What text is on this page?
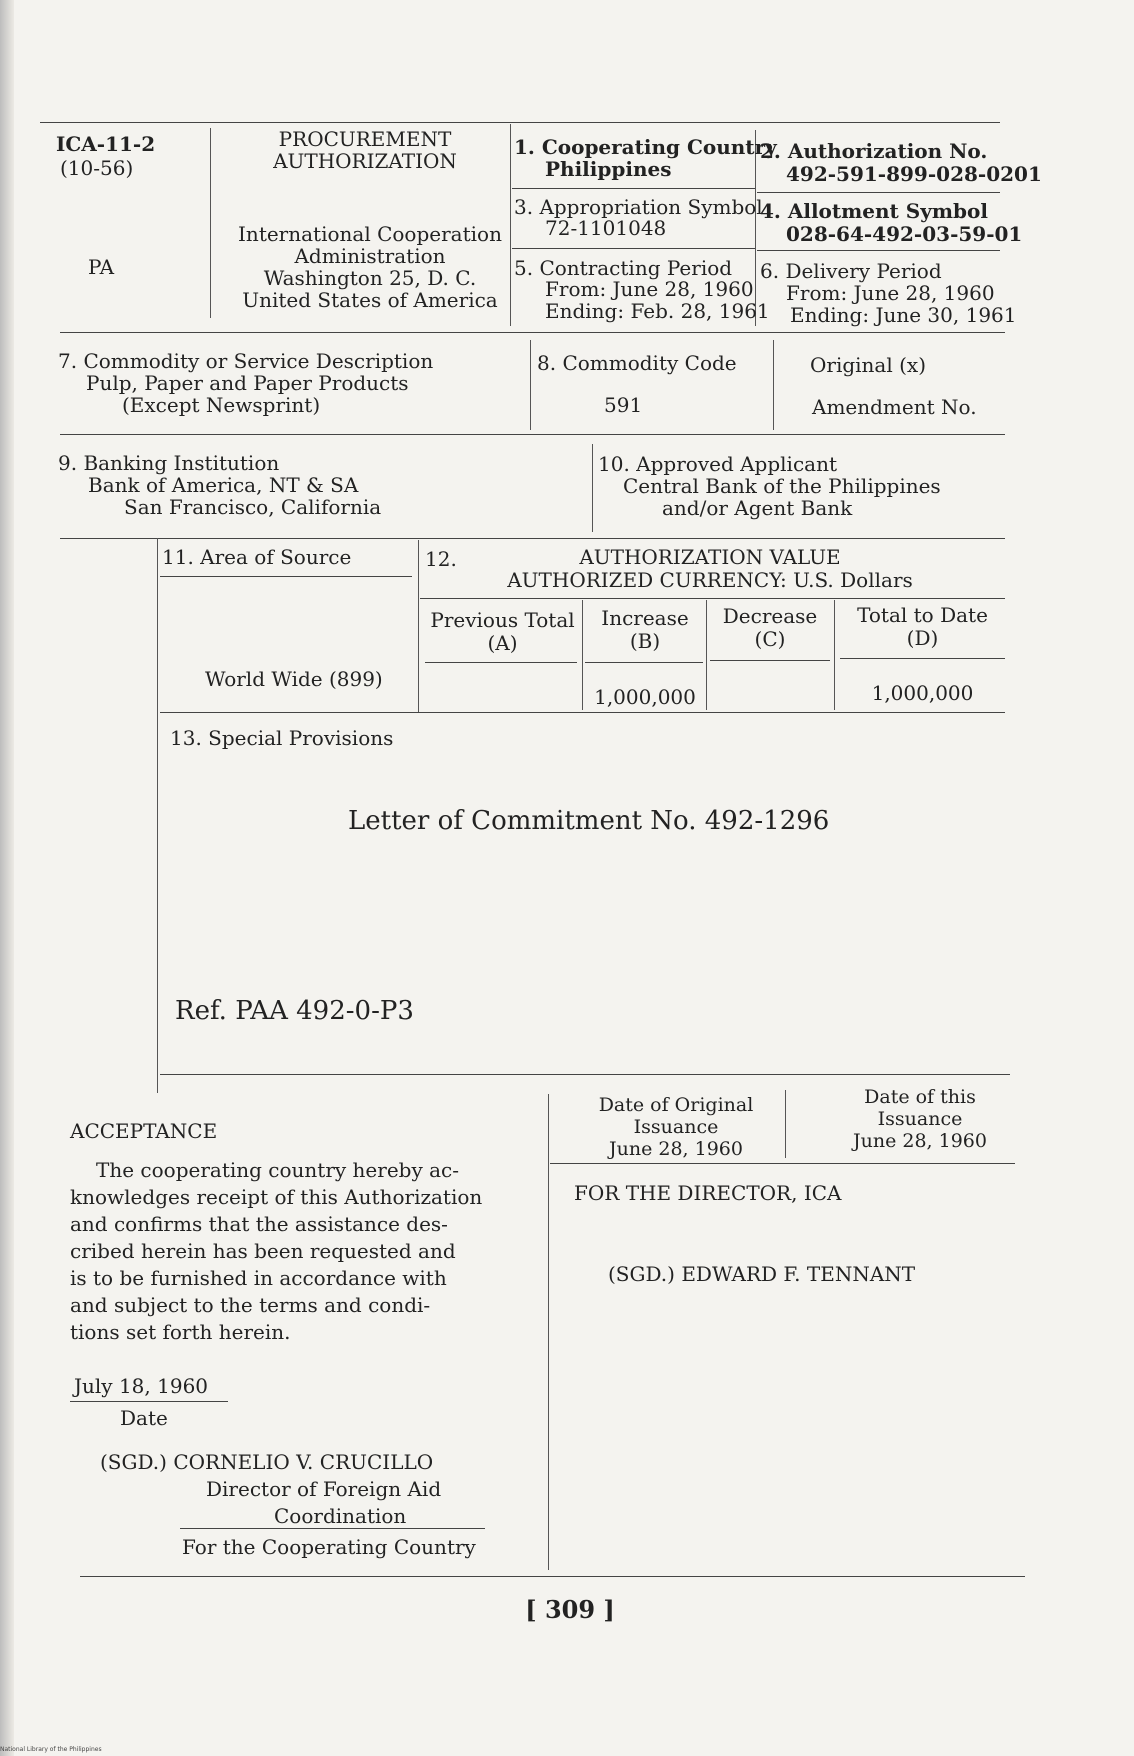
ICA-11-2
(10-56)
PA
PROCUREMENT
AUTHORIZATION
International Cooperation
Administration
Washington 25, D. C.
United States of America
1. Cooperating Country
Philippines
2. Authorization No.
492-591-899-028-0201
3. Appropriation Symbol
72-1101048
4. Allotment Symbol
028-64-492-03-59-01
5. Contracting Period
From: June 28, 1960
Ending: Feb. 28, 1961
6. Delivery Period
From: June 28, 1960
Ending: June 30, 1961
7. Commodity or Service Description
Pulp, Paper and Paper Products
(Except Newsprint)
8. Commodity Code
591
Original (x)
Amendment No.
9. Banking Institution
Bank of America, NT & SA
San Francisco, California
10. Approved Applicant
Central Bank of the Philippines
and/or Agent Bank
11. Area of Source
World Wide (899)
12.	AUTHORIZATION VALUE
AUTHORIZED CURRENCY: U.S. Dollars
Previous Total
(A)
Increase
(B)
Decrease
(C)
Total to Date
(D)
1,000,000	1,000,000
13. Special Provisions
Letter of Commitment No. 492-1296
Ref. PAA 492-0-P3
ACCEPTANCE
The cooperating country hereby ac-
knowledges receipt of this Authorization
and confirms that the assistance des-
cribed herein has been requested and
is to be furnished in accordance with
and subject to the terms and condi-
tions set forth herein.
July 18, 1960
Date
(SGD.) CORNELIO V. CRUCILLO
Director of Foreign Aid
Coordination
For the Cooperating Country
Date of Original
Issuance
June 28, 1960
Date of this
Issuance
June 28, 1960
FOR THE DIRECTOR, ICA
(SGD.) EDWARD F. TENNANT
[ 309 ]
National Library of the Philippines
